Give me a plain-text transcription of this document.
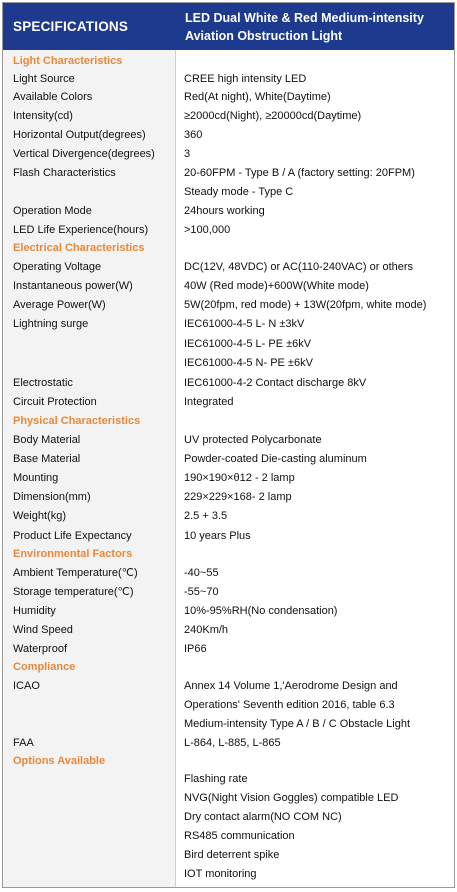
SPECIFICATIONS
LED Dual White & Red Medium-intensity
Aviation Obstruction Light
Light Characteristics
Light Source	CREE high intensity LED
Available Colors	Red(At night), White(Daytime)
Intensity(cd)	≥2000cd(Night), ≥20000cd(Daytime)
Horizontal Output(degrees)	360
Vertical Divergence(degrees)	3
Flash Characteristics	20-60FPM - Type B / A (factory setting: 20FPM)
Steady mode - Type C
Operation Mode	24hours working
LED Life Experience(hours)	>100,000
Electrical Characteristics
Operating Voltage	DC(12V, 48VDC) or AC(110-240VAC) or others
Instantaneous power(W)	40W (Red mode)+600W(White mode)
Average Power(W)	5W(20fpm, red mode) + 13W(20fpm, white mode)
Lightning surge	IEC61000-4-5 L- N ±3kV
IEC61000-4-5 L- PE ±6kV
IEC61000-4-5 N- PE ±6kV
Electrostatic	IEC61000-4-2 Contact discharge 8kV
Circuit Protection	Integrated
Physical Characteristics
Body Material	UV protected Polycarbonate
Base Material	Powder-coated Die-casting aluminum
Mounting	190×190×θ12 - 2 lamp
Dimension(mm)	229×229×168- 2 lamp
Weight(kg)	2.5 + 3.5
Product Life Expectancy	10 years Plus
Environmental Factors
Ambient Temperature(℃)	-40~55
Storage temperature(℃)	-55~70
Humidity	10%-95%RH(No condensation)
Wind Speed	240Km/h
Waterproof	IP66
Compliance
ICAO	Annex 14 Volume 1,'Aerodrome Design and
Operations' Seventh edition 2016, table 6.3
Medium-intensity Type A / B / C Obstacle Light
FAA	L-864, L-885, L-865
Options Available
Flashing rate
NVG(Night Vision Goggles) compatible LED
Dry contact alarm(NO COM NC)
RS485 communication
Bird deterrent spike
IOT monitoring
